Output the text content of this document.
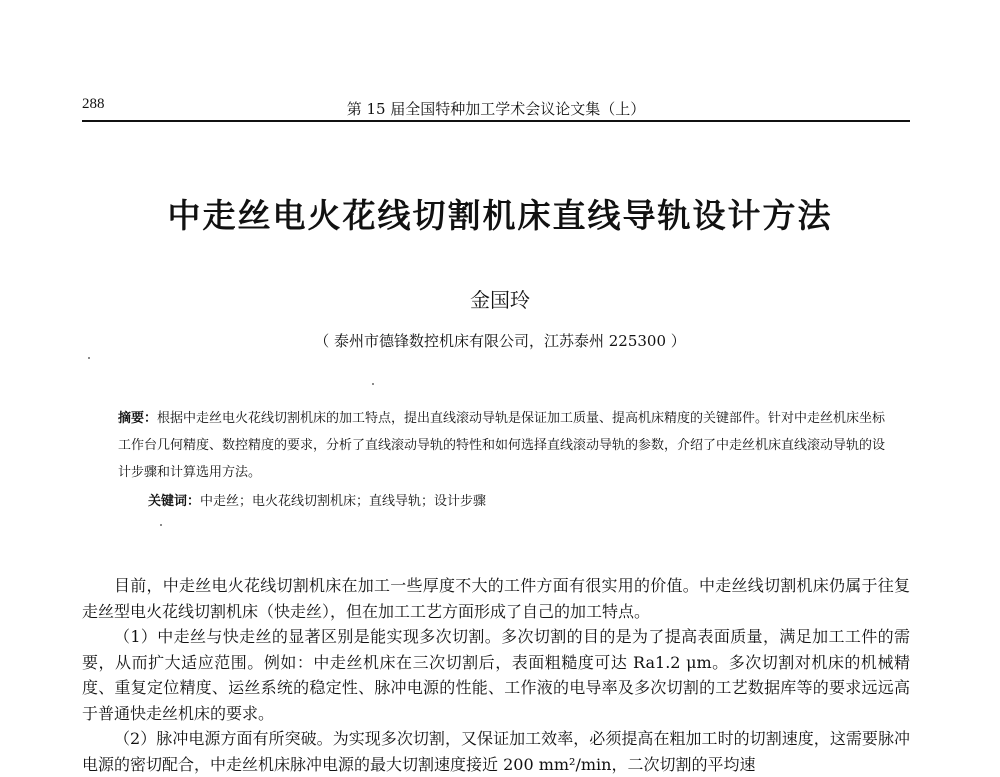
288	第 15 届全国特种加工学术会议论文集（上）
中走丝电火花线切割机床直线导轨设计方法
金国玲
（ 泰州市德锋数控机床有限公司，江苏泰州 225300 ）
摘要：根据中走丝电火花线切割机床的加工特点，提出直线滚动导轨是保证加工质量、提高机床精度的关键部件。针对中走丝机床坐标工作台几何精度、数控精度的要求，分析了直线滚动导轨的特性和如何选择直线滚动导轨的参数，介绍了中走丝机床直线滚动导轨的设计步骤和计算选用方法。
关键词：中走丝；电火花线切割机床；直线导轨；设计步骤

目前，中走丝电火花线切割机床在加工一些厚度不大的工件方面有很实用的价值。中走丝线切割机床仍属于往复走丝型电火花线切割机床（快走丝），但在加工工艺方面形成了自己的加工特点。

（1）中走丝与快走丝的显著区别是能实现多次切割。多次切割的目的是为了提高表面质量，满足加工工件的需要，从而扩大适应范围。例如：中走丝机床在三次切割后，表面粗糙度可达 Ra1.2 μm。多次切割对机床的机械精度、重复定位精度、运丝系统的稳定性、脉冲电源的性能、工作液的电导率及多次切割的工艺数据库等的要求远远高于普通快走丝机床的要求。

（2）脉冲电源方面有所突破。为实现多次切割，又保证加工效率，必须提高在粗加工时的切割速度，这需要脉冲电源的密切配合，中走丝机床脉冲电源的最大切割速度接近 200 mm²/min，二次切割的平均速
